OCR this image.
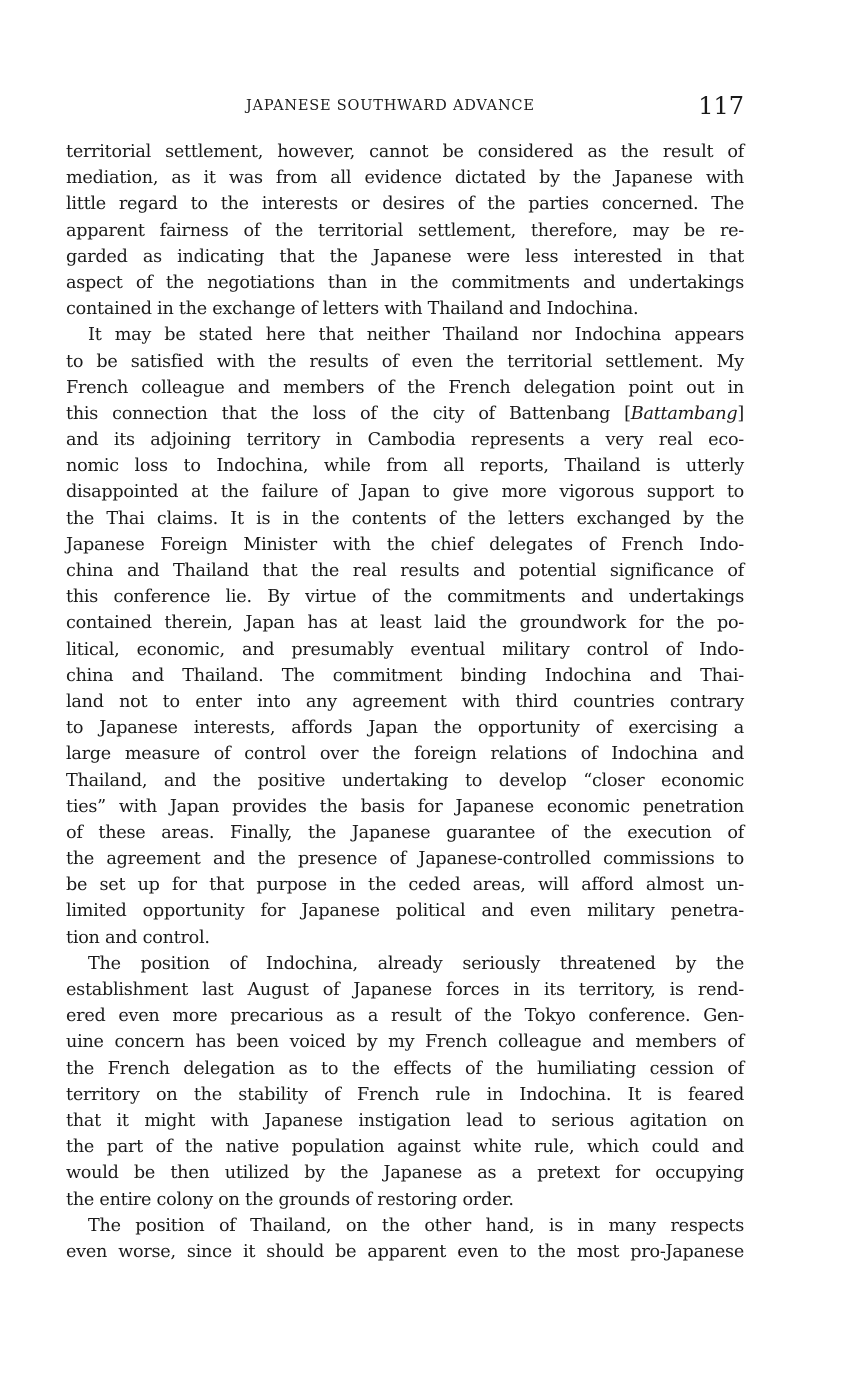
JAPANESE SOUTHWARD ADVANCE	117
territorial settlement, however, cannot be considered as the result of
mediation, as it was from all evidence dictated by the Japanese with
little regard to the interests or desires of the parties concerned. The
apparent fairness of the territorial settlement, therefore, may be re-
garded as indicating that the Japanese were less interested in that
aspect of the negotiations than in the commitments and undertakings
contained in the exchange of letters with Thailand and Indochina.
It may be stated here that neither Thailand nor Indochina appears
to be satisfied with the results of even the territorial settlement. My
French colleague and members of the French delegation point out in
this connection that the loss of the city of Battenbang [Battambang]
and its adjoining territory in Cambodia represents a very real eco-
nomic loss to Indochina, while from all reports, Thailand is utterly
disappointed at the failure of Japan to give more vigorous support to
the Thai claims. It is in the contents of the letters exchanged by the
Japanese Foreign Minister with the chief delegates of French Indo-
china and Thailand that the real results and potential significance of
this conference lie. By virtue of the commitments and undertakings
contained therein, Japan has at least laid the groundwork for the po-
litical, economic, and presumably eventual military control of Indo-
china and Thailand. The commitment binding Indochina and Thai-
land not to enter into any agreement with third countries contrary
to Japanese interests, affords Japan the opportunity of exercising a
large measure of control over the foreign relations of Indochina and
Thailand, and the positive undertaking to develop “closer economic
ties” with Japan provides the basis for Japanese economic penetration
of these areas. Finally, the Japanese guarantee of the execution of
the agreement and the presence of Japanese-controlled commissions to
be set up for that purpose in the ceded areas, will afford almost un-
limited opportunity for Japanese political and even military penetra-
tion and control.
The position of Indochina, already seriously threatened by the
establishment last August of Japanese forces in its territory, is rend-
ered even more precarious as a result of the Tokyo conference. Gen-
uine concern has been voiced by my French colleague and members of
the French delegation as to the effects of the humiliating cession of
territory on the stability of French rule in Indochina. It is feared
that it might with Japanese instigation lead to serious agitation on
the part of the native population against white rule, which could and
would be then utilized by the Japanese as a pretext for occupying
the entire colony on the grounds of restoring order.
The position of Thailand, on the other hand, is in many respects
even worse, since it should be apparent even to the most pro-Japanese
